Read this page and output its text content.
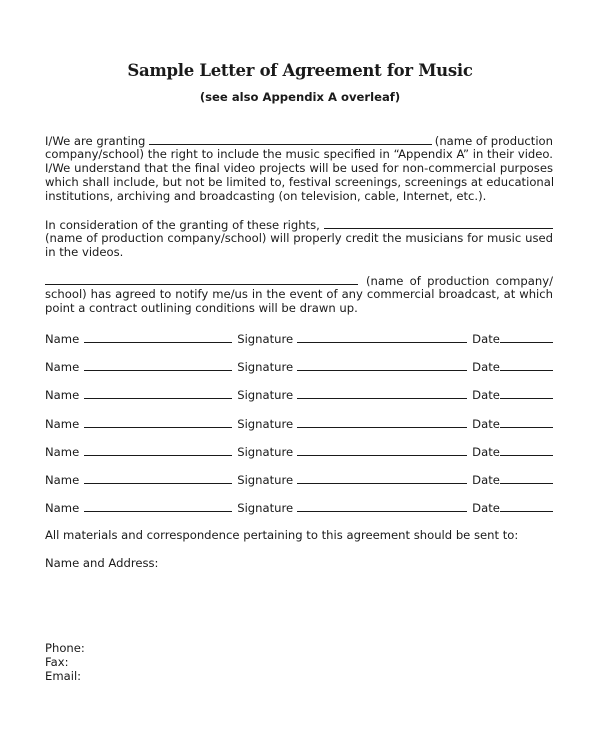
Sample Letter of Agreement for Music
(see also Appendix A overleaf)
I/We are granting	(name of production
company/school) the right to include the music specified in “Appendix A” in their video.
I/We understand that the final video projects will be used for non-commercial purposes
which shall include, but not be limited to, festival screenings, screenings at educational
institutions, archiving and broadcasting (on television, cable, Internet, etc.).
In consideration of the granting of these rights,
(name of production company/school) will properly credit the musicians for music used
in the videos.
(name of production company/
school) has agreed to notify me/us in the event of any commercial broadcast, at which
point a contract outlining conditions will be drawn up.
Name	Signature	Date
Name	Signature	Date
Name	Signature	Date
Name	Signature	Date
Name	Signature	Date
Name	Signature	Date
Name	Signature	Date
All materials and correspondence pertaining to this agreement should be sent to:
Name and Address:
Phone:
Fax:
Email:
